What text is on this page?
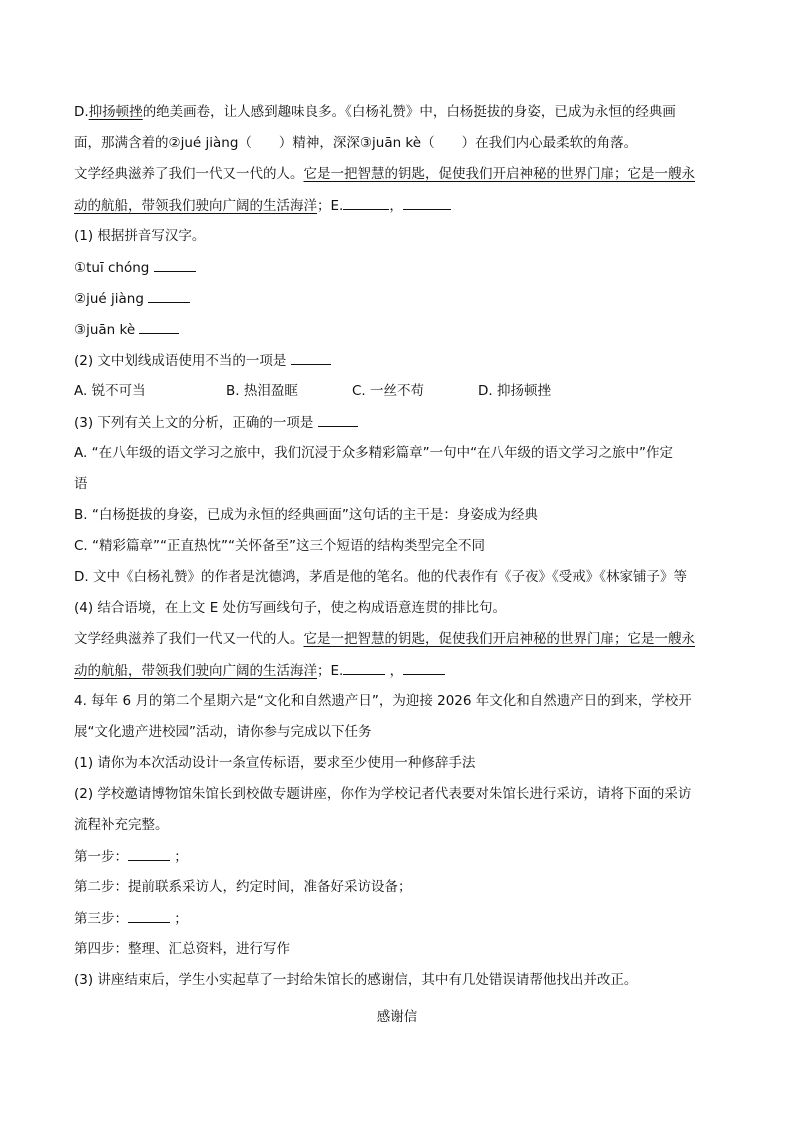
D.抑扬顿挫的绝美画卷，让人感到趣味良多。《白杨礼赞》中，白杨挺拔的身姿，已成为永恒的经典画
面，那满含着的②jué jiàng（　　）精神，深深③juān kè（　　）在我们内心最柔软的角落。
文学经典滋养了我们一代又一代的人。它是一把智慧的钥匙，促使我们开启神秘的世界门扉；它是一艘永
动的航船，带领我们驶向广阔的生活海洋；E.	，
(1) 根据拼音写汉字。
①tuī chóng
②jué jiàng
③juān kè
(2) 文中划线成语使用不当的一项是
A. 锐不可当	B. 热泪盈眶	C. 一丝不苟	D. 抑扬顿挫
(3) 下列有关上文的分析，正确的一项是
A. “在八年级的语文学习之旅中，我们沉浸于众多精彩篇章”一句中“在八年级的语文学习之旅中”作定
语
B. “白杨挺拔的身姿，已成为永恒的经典画面”这句话的主干是：身姿成为经典
C. “精彩篇章”“正直热忱”“关怀备至”这三个短语的结构类型完全不同
D. 文中《白杨礼赞》的作者是沈德鸿，茅盾是他的笔名。他的代表作有《子夜》《受戒》《林家铺子》等
(4) 结合语境，在上文 E 处仿写画线句子，使之构成语意连贯的排比句。
文学经典滋养了我们一代又一代的人。它是一把智慧的钥匙，促使我们开启神秘的世界门扉；它是一艘永
动的航船，带领我们驶向广阔的生活海洋；E.	，
4. 每年 6 月的第二个星期六是“文化和自然遗产日”，为迎接 2026 年文化和自然遗产日的到来，学校开
展“文化遗产进校园”活动，请你参与完成以下任务
(1) 请你为本次活动设计一条宣传标语，要求至少使用一种修辞手法
(2) 学校邀请博物馆朱馆长到校做专题讲座，你作为学校记者代表要对朱馆长进行采访，请将下面的采访
流程补充完整。
第一步：	；
第二步：提前联系采访人，约定时间，准备好采访设备；
第三步：	；
第四步：整理、汇总资料，进行写作
(3) 讲座结束后，学生小实起草了一封给朱馆长的感谢信，其中有几处错误请帮他找出并改正。
感谢信
